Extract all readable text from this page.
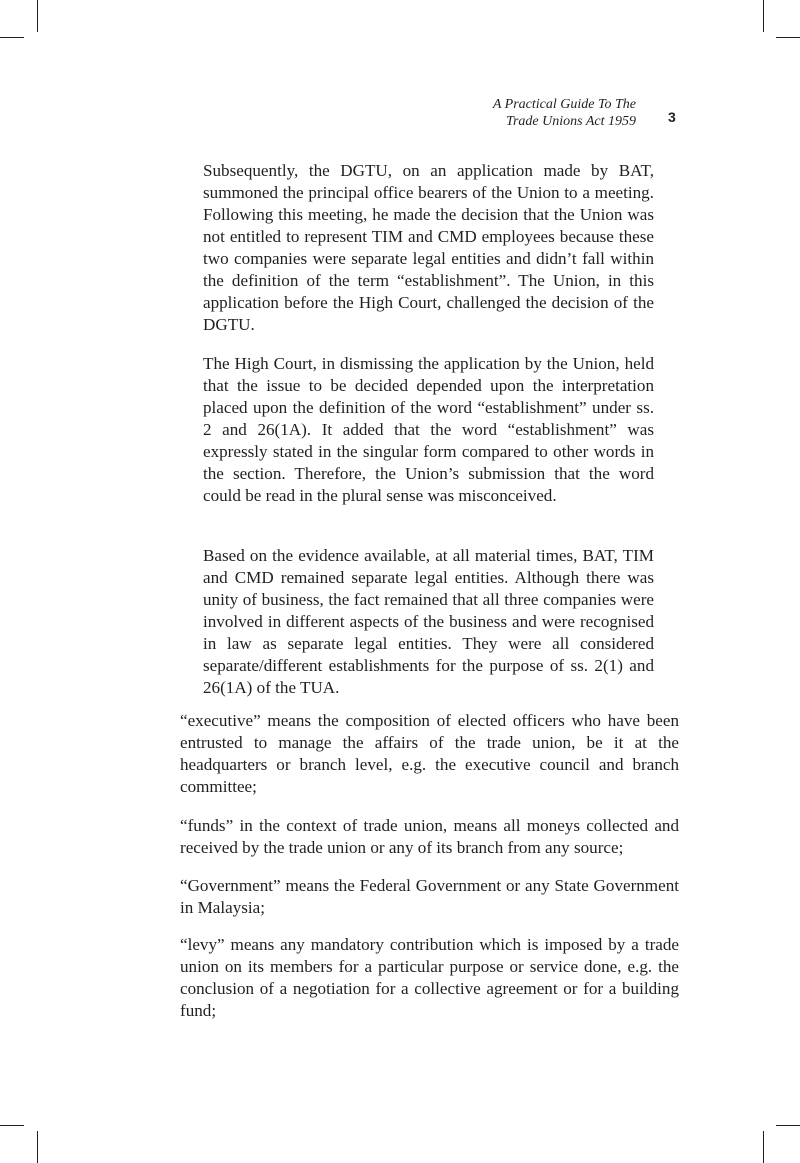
A Practical Guide To The
Trade Unions Act 1959 3

Subsequently, the DGTU, on an application made by BAT, summoned the principal office bearers of the Union to a meeting. Following this meeting, he made the decision that the Union was not entitled to represent TIM and CMD employees because these two companies were separate legal entities and didn’t fall within the definition of the term “establishment”. The Union, in this application before the High Court, challenged the decision of the DGTU.

The High Court, in dismissing the application by the Union, held that the issue to be decided depended upon the interpretation placed upon the definition of the word “establishment” under ss. 2 and 26(1A). It added that the word “establishment” was expressly stated in the singular form compared to other words in the section. Therefore, the Union’s submission that the word could be read in the plural sense was misconceived.

Based on the evidence available, at all material times, BAT, TIM and CMD remained separate legal entities. Although there was unity of business, the fact remained that all three companies were involved in different aspects of the business and were recognised in law as separate legal entities. They were all considered separate/different establishments for the purpose of ss. 2(1) and 26(1A) of the TUA.

“executive” means the composition of elected officers who have been entrusted to manage the affairs of the trade union, be it at the headquarters or branch level, e.g. the executive council and branch committee;

“funds” in the context of trade union, means all moneys collected and received by the trade union or any of its branch from any source;

“Government” means the Federal Government or any State Government in Malaysia;

“levy” means any mandatory contribution which is imposed by a trade union on its members for a particular purpose or service done, e.g. the conclusion of a negotiation for a collective agreement or for a building fund;
